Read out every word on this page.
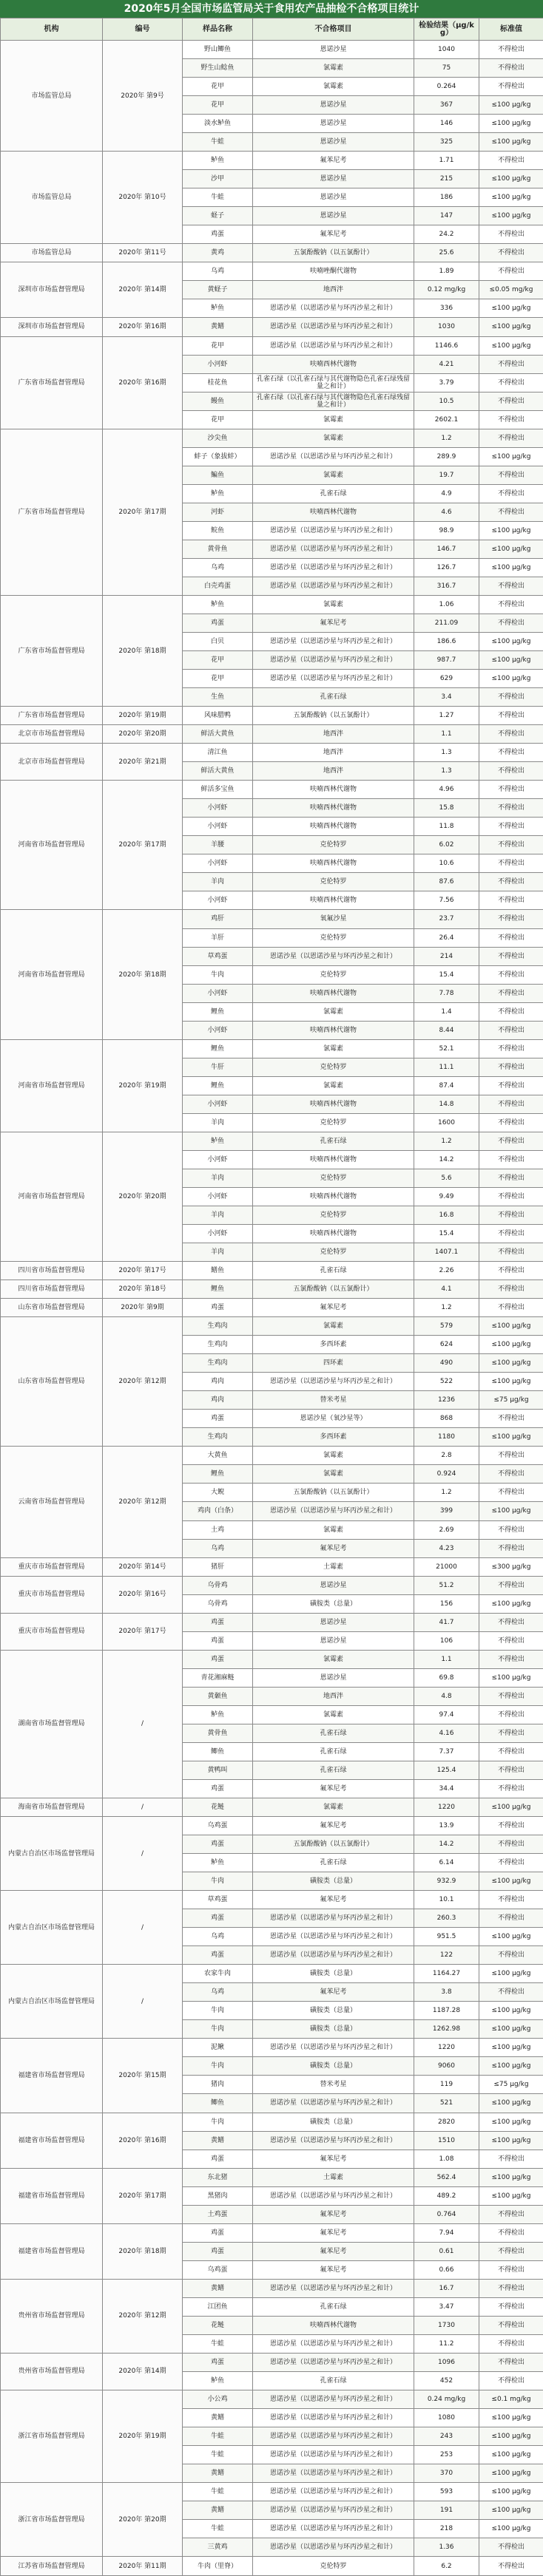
2020年5月全国市场监管局关于食用农产品抽检不合格项目统计
机构	编号	样品名称	不合格项目	检验结果（μg/kg）	标准值
市场监管总局	2020年 第9号	野山鲫鱼	恩诺沙星	1040	不得检出
		野生山鲶鱼	氯霉素	75	不得检出
		花甲	氯霉素	0.264	不得检出
		花甲	恩诺沙星	367	≤100 μg/kg
		淡水鲈鱼	恩诺沙星	146	≤100 μg/kg
		牛蛙	恩诺沙星	325	≤100 μg/kg
市场监管总局	2020年 第10号	鲈鱼	氟苯尼考	1.71	不得检出
		沙甲	恩诺沙星	215	≤100 μg/kg
		牛蛙	恩诺沙星	186	≤100 μg/kg
		蛏子	恩诺沙星	147	≤100 μg/kg
		鸡蛋	氟苯尼考	24.2	不得检出
市场监管总局	2020年 第11号	黄鸡	五氯酚酸钠（以五氯酚计）	25.6	不得检出
深圳市市场监督管理局	2020年 第14期	乌鸡	呋喃唑酮代谢物	1.89	不得检出
		黄蛏子	地西泮	0.12 mg/kg	≤0.05 mg/kg
		鲈鱼	恩诺沙星（以恩诺沙星与环丙沙星之和计）	336	≤100 μg/kg
深圳市市场监督管理局	2020年 第16期	黄鳝	恩诺沙星（以恩诺沙星与环丙沙星之和计）	1030	≤100 μg/kg
广东省市场监督管理局	2020年 第16期	花甲	恩诺沙星（以恩诺沙星与环丙沙星之和计）	1146.6	≤100 μg/kg
		小河虾	呋喃西林代谢物	4.21	不得检出
		桂花鱼	孔雀石绿（以孔雀石绿与其代谢物隐色孔雀石绿残留量之和计）	3.79	不得检出
		鳗鱼	孔雀石绿（以孔雀石绿与其代谢物隐色孔雀石绿残留量之和计）	10.5	不得检出
		花甲	氯霉素	2602.1	不得检出
广东省市场监督管理局	2020年 第17期	沙尖鱼	氯霉素	1.2	不得检出
		蚌子（象拔蚌）	恩诺沙星（以恩诺沙星与环丙沙星之和计）	289.9	≤100 μg/kg
		鳊鱼	氯霉素	19.7	不得检出
		鲈鱼	孔雀石绿	4.9	不得检出
		河虾	呋喃西林代谢物	4.6	不得检出
		鲩鱼	恩诺沙星（以恩诺沙星与环丙沙星之和计）	98.9	≤100 μg/kg
		黄骨鱼	恩诺沙星（以恩诺沙星与环丙沙星之和计）	146.7	≤100 μg/kg
		乌鸡	恩诺沙星（以恩诺沙星与环丙沙星之和计）	126.7	≤100 μg/kg
		白壳鸡蛋	恩诺沙星（以恩诺沙星与环丙沙星之和计）	316.7	不得检出
广东省市场监督管理局	2020年 第18期	鲈鱼	氯霉素	1.06	不得检出
		鸡蛋	氟苯尼考	211.09	不得检出
		白贝	恩诺沙星（以恩诺沙星与环丙沙星之和计）	186.6	≤100 μg/kg
		花甲	恩诺沙星（以恩诺沙星与环丙沙星之和计）	987.7	≤100 μg/kg
		花甲	恩诺沙星（以恩诺沙星与环丙沙星之和计）	629	≤100 μg/kg
		生鱼	孔雀石绿	3.4	不得检出
广东省市场监督管理局	2020年 第19期	风味腊鸭	五氯酚酸钠（以五氯酚计）	1.27	不得检出
北京市市场监督管理局	2020年 第20期	鲜活大黄鱼	地西泮	1.1	不得检出
北京市市场监督管理局	2020年 第21期	清江鱼	地西泮	1.3	不得检出
		鲜活大黄鱼	地西泮	1.3	不得检出
河南省市场监督管理局	2020年 第17期	鲜活多宝鱼	呋喃西林代谢物	4.96	不得检出
		小河虾	呋喃西林代谢物	15.8	不得检出
		小河虾	呋喃西林代谢物	11.8	不得检出
		羊腰	克伦特罗	6.02	不得检出
		小河虾	呋喃西林代谢物	10.6	不得检出
		羊肉	克伦特罗	87.6	不得检出
		小河虾	呋喃西林代谢物	7.56	不得检出
河南省市场监督管理局	2020年 第18期	鸡肝	氧氟沙星	23.7	不得检出
		羊肝	克伦特罗	26.4	不得检出
		草鸡蛋	恩诺沙星（以恩诺沙星与环丙沙星之和计）	214	不得检出
		牛肉	克伦特罗	15.4	不得检出
		小河虾	呋喃西林代谢物	7.78	不得检出
		鲤鱼	氯霉素	1.4	不得检出
		小河虾	呋喃西林代谢物	8.44	不得检出
河南省市场监督管理局	2020年 第19期	鲤鱼	氯霉素	52.1	不得检出
		牛肝	克伦特罗	11.1	不得检出
		鲤鱼	氯霉素	87.4	不得检出
		小河虾	呋喃西林代谢物	14.8	不得检出
		羊肉	克伦特罗	1600	不得检出
河南省市场监督管理局	2020年 第20期	鲈鱼	孔雀石绿	1.2	不得检出
		小河虾	呋喃西林代谢物	14.2	不得检出
		羊肉	克伦特罗	5.6	不得检出
		小河虾	呋喃西林代谢物	9.49	不得检出
		羊肉	克伦特罗	16.8	不得检出
		小河虾	呋喃西林代谢物	15.4	不得检出
		羊肉	克伦特罗	1407.1	不得检出
四川省市场监督管理局	2020年 第17号	鳝鱼	孔雀石绿	2.26	不得检出
四川省市场监督管理局	2020年 第18号	鲤鱼	五氯酚酸钠（以五氯酚计）	4.1	不得检出
山东省市场监督管理局	2020年 第9期	鸡蛋	氟苯尼考	1.2	不得检出
山东省市场监督管理局	2020年 第12期	生鸡肉	氯霉素	579	≤100 μg/kg
		生鸡肉	多西环素	624	≤100 μg/kg
		生鸡肉	四环素	490	≤100 μg/kg
		鸡肉	恩诺沙星（以恩诺沙星与环丙沙星之和计）	522	≤100 μg/kg
		鸡肉	替米考星	1236	≤75 μg/kg
		鸡蛋	恩诺沙星（氧沙星等）	868	不得检出
		生鸡肉	多西环素	1180	≤100 μg/kg
云南省市场监督管理局	2020年 第12期	大黄鱼	氯霉素	2.8	不得检出
		鲤鱼	氯霉素	0.924	不得检出
		大鲵	五氯酚酸钠（以五氯酚计）	1.2	不得检出
		鸡肉（白条）	恩诺沙星（以恩诺沙星与环丙沙星之和计）	399	≤100 μg/kg
		土鸡	氯霉素	2.69	不得检出
		乌鸡	氟苯尼考	4.23	不得检出
重庆市市场监督管理局	2020年 第14号	猪肝	土霉素	21000	≤300 μg/kg
重庆市市场监督管理局	2020年 第16号	乌骨鸡	恩诺沙星	51.2	不得检出
		乌骨鸡	磺胺类（总量）	156	≤100 μg/kg
重庆市市场监督管理局	2020年 第17号	鸡蛋	恩诺沙星	41.7	不得检出
		鸡蛋	恩诺沙星	106	不得检出
湖南省市场监督管理局	/	鸡蛋	氯霉素	1.1	不得检出
		青花湘麻鲢	恩诺沙星	69.8	≤100 μg/kg
		黄颡鱼	地西泮	4.8	不得检出
		鲈鱼	氯霉素	97.4	不得检出
		黄骨鱼	孔雀石绿	4.16	不得检出
		鲫鱼	孔雀石绿	7.37	不得检出
		黄鸭叫	孔雀石绿	125.4	不得检出
		鸡蛋	氟苯尼考	34.4	不得检出
海南省市场监督管理局	/	花鲢	氯霉素	1220	≤100 μg/kg
内蒙古自治区市场监督管理局	/	乌鸡蛋	氟苯尼考	13.9	不得检出
		鸡蛋	五氯酚酸钠（以五氯酚计）	14.2	不得检出
		鲈鱼	孔雀石绿	6.14	不得检出
		牛肉	磺胺类（总量）	932.9	≤100 μg/kg
内蒙古自治区市场监督管理局	/	草鸡蛋	氟苯尼考	10.1	不得检出
		鸡蛋	恩诺沙星（以恩诺沙星与环丙沙星之和计）	260.3	不得检出
		乌鸡	恩诺沙星（以恩诺沙星与环丙沙星之和计）	951.5	≤100 μg/kg
		鸡蛋	恩诺沙星（以恩诺沙星与环丙沙星之和计）	122	不得检出
内蒙古自治区市场监督管理局	/	农家牛肉	磺胺类（总量）	1164.27	≤100 μg/kg
		乌鸡	氟苯尼考	3.8	不得检出
		牛肉	磺胺类（总量）	1187.28	≤100 μg/kg
		牛肉	磺胺类（总量）	1262.98	≤100 μg/kg
福建省市场监督管理局	2020年 第15期	泥鳅	恩诺沙星（以恩诺沙星与环丙沙星之和计）	1220	≤100 μg/kg
		牛肉	磺胺类（总量）	9060	≤100 μg/kg
		猪肉	替米考星	119	≤75 μg/kg
		鲫鱼	恩诺沙星（以恩诺沙星与环丙沙星之和计）	521	≤100 μg/kg
福建省市场监督管理局	2020年 第16期	牛肉	磺胺类（总量）	2820	≤100 μg/kg
		黄鳝	恩诺沙星（以恩诺沙星与环丙沙星之和计）	1510	≤100 μg/kg
		鸡蛋	氟苯尼考	1.08	不得检出
福建省市场监督管理局	2020年 第17期	东北猪	土霉素	562.4	≤100 μg/kg
		黑猪肉	恩诺沙星（以恩诺沙星与环丙沙星之和计）	489.2	≤100 μg/kg
		土鸡蛋	氟苯尼考	0.764	不得检出
福建省市场监督管理局	2020年 第18期	鸡蛋	氟苯尼考	7.94	不得检出
		鸡蛋	氟苯尼考	0.61	不得检出
		乌鸡蛋	氟苯尼考	0.66	不得检出
贵州省市场监督管理局	2020年 第12期	黄鳝	恩诺沙星（以恩诺沙星与环丙沙星之和计）	16.7	不得检出
		江团鱼	孔雀石绿	3.47	不得检出
		花鲢	呋喃西林代谢物	1730	不得检出
		牛蛙	恩诺沙星（以恩诺沙星与环丙沙星之和计）	11.2	不得检出
贵州省市场监督管理局	2020年 第14期	鸡蛋	恩诺沙星（以恩诺沙星与环丙沙星之和计）	1096	不得检出
		鲈鱼	孔雀石绿	452	不得检出
浙江省市场监督管理局	2020年 第19期	小公鸡	恩诺沙星（以恩诺沙星与环丙沙星之和计）	0.24 mg/kg	≤0.1 mg/kg
		黄鳝	恩诺沙星（以恩诺沙星与环丙沙星之和计）	1080	≤100 μg/kg
		牛蛙	恩诺沙星（以恩诺沙星与环丙沙星之和计）	243	≤100 μg/kg
		牛蛙	恩诺沙星（以恩诺沙星与环丙沙星之和计）	253	≤100 μg/kg
		黄鳝	恩诺沙星（以恩诺沙星与环丙沙星之和计）	370	≤100 μg/kg
浙江省市场监督管理局	2020年 第20期	牛蛙	恩诺沙星（以恩诺沙星与环丙沙星之和计）	593	≤100 μg/kg
		黄鳝	恩诺沙星（以恩诺沙星与环丙沙星之和计）	191	≤100 μg/kg
		牛蛙	恩诺沙星（以恩诺沙星与环丙沙星之和计）	218	≤100 μg/kg
		三黄鸡	恩诺沙星（以恩诺沙星与环丙沙星之和计）	1.36	不得检出
江苏省市场监督管理局	2020年 第11期	牛肉（里脊）	克伦特罗	6.2	不得检出
